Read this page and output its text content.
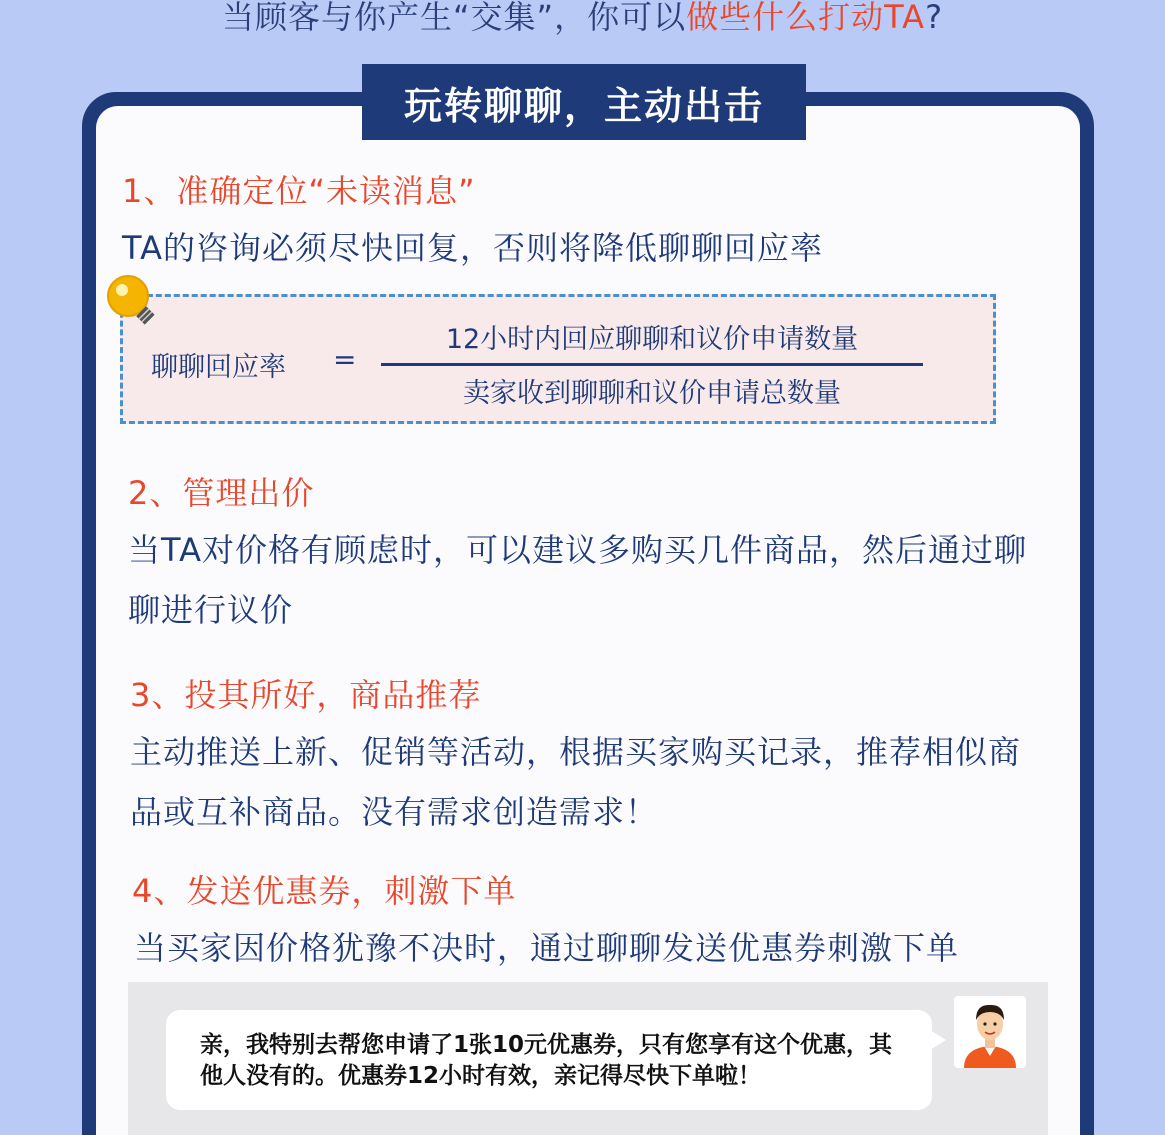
当顾客与你产生“交集”，你可以做些什么打动TA?
玩转聊聊，主动出击
1、准确定位“未读消息”
TA的咨询必须尽快回复，否则将降低聊聊回应率
聊聊回应率 =
12小时内回应聊聊和议价申请数量
卖家收到聊聊和议价申请总数量
2、管理出价
当TA对价格有顾虑时，可以建议多购买几件商品，然后通过聊聊进行议价
3、投其所好，商品推荐
主动推送上新、促销等活动，根据买家购买记录，推荐相似商品或互补商品。没有需求创造需求！
4、发送优惠券，刺激下单
当买家因价格犹豫不决时，通过聊聊发送优惠券刺激下单
亲，我特别去帮您申请了1张10元优惠券，只有您享有这个优惠，其他人没有的。优惠券12小时有效，亲记得尽快下单啦！
